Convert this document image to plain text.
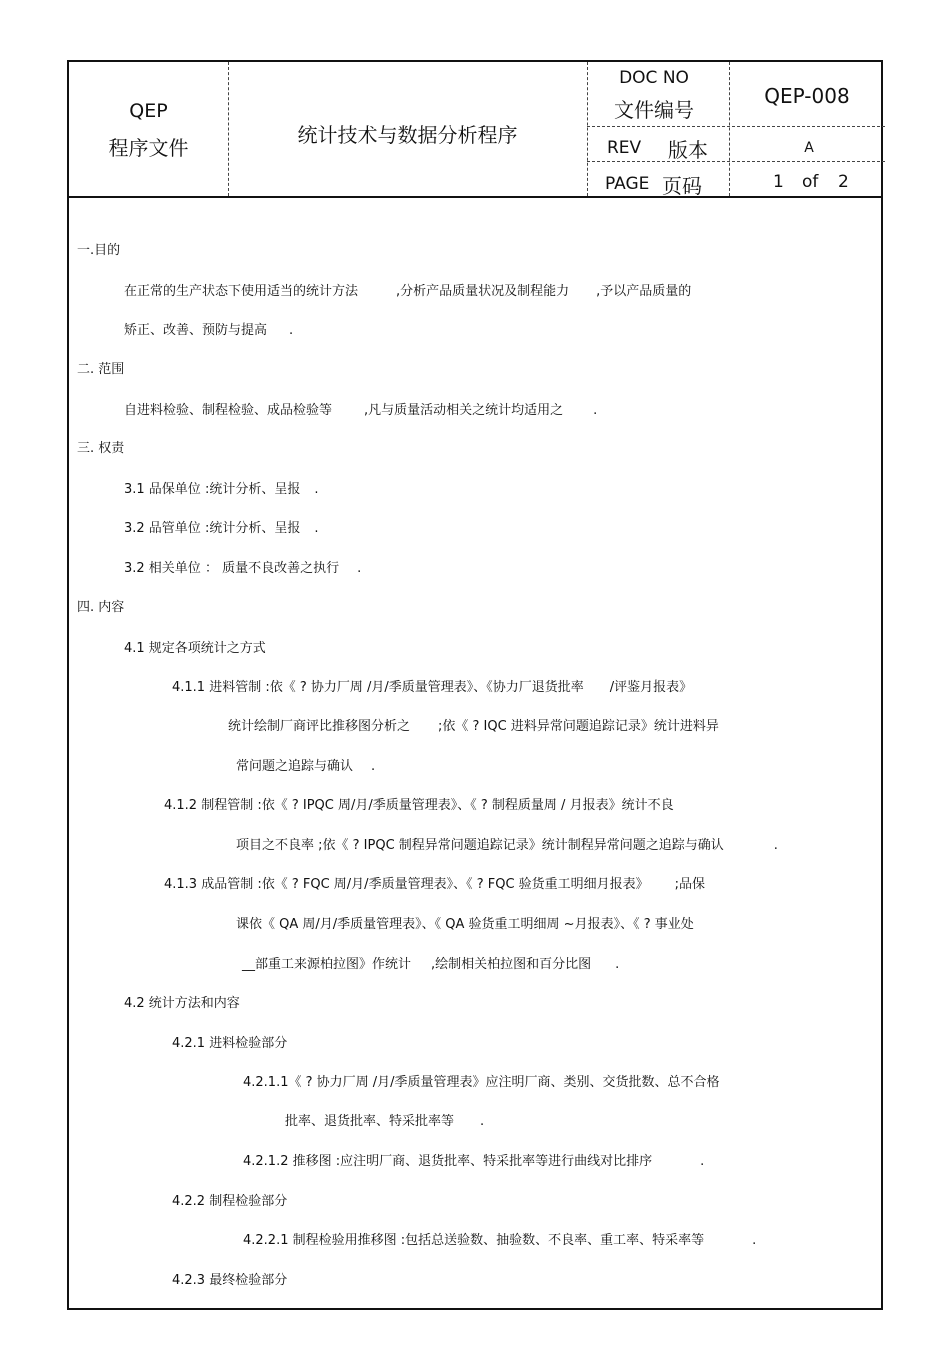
QEP
程序文件
统计技术与数据分析程序
DOC NO
文件编号
QEP-008
REV 版本	A
PAGE 页码	1 of 2
一.目的
在正常的生产状态下使用适当的统计方法	,分析产品质量状况及制程能力 ,予以产品质量的
矫正、改善、预防与提高 .
二. 范围
自进料检验、制程检验、成品检验等 ,凡与质量活动相关之统计均适用之 .
三. 权责
3.1 品保单位 :统计分析、呈报 .
3.2 品管单位 :统计分析、呈报 .
3.2 相关单位 ： 质量不良改善之执行 .
四. 内容
4.1 规定各项统计之方式
4.1.1 进料管制 :依《 ? 协力厂周 /月/季质量管理表》、《协力厂退货批率 /评鉴月报表》
统计绘制厂商评比推移图分析之 ;依《 ? IQC 进料异常问题追踪记录》统计进料异
常问题之追踪与确认 .
4.1.2 制程管制 :依《 ? IPQC 周/月/季质量管理表》、《 ? 制程质量周 / 月报表》统计不良
项目之不良率 ;依《 ? IPQC 制程异常问题追踪记录》统计制程异常问题之追踪与确认	.
4.1.3 成品管制 :依《 ? FQC 周/月/季质量管理表》、《 ? FQC 验货重工明细月报表》 ;品保
课依《 QA 周/月/季质量管理表》、《 QA 验货重工明细周 ~月报表》、《 ? 事业处
__部重工来源柏拉图》作统计 ,绘制相关柏拉图和百分比图 .
4.2 统计方法和内容
4.2.1 进料检验部分
4.2.1.1《 ? 协力厂周 /月/季质量管理表》应注明厂商、类别、交货批数、总不合格
批率、退货批率、特采批率等 .
4.2.1.2 推移图 :应注明厂商、退货批率、特采批率等进行曲线对比排序	.
4.2.2 制程检验部分
4.2.2.1 制程检验用推移图 :包括总送验数、抽验数、不良率、重工率、特采率等	.
4.2.3 最终检验部分
